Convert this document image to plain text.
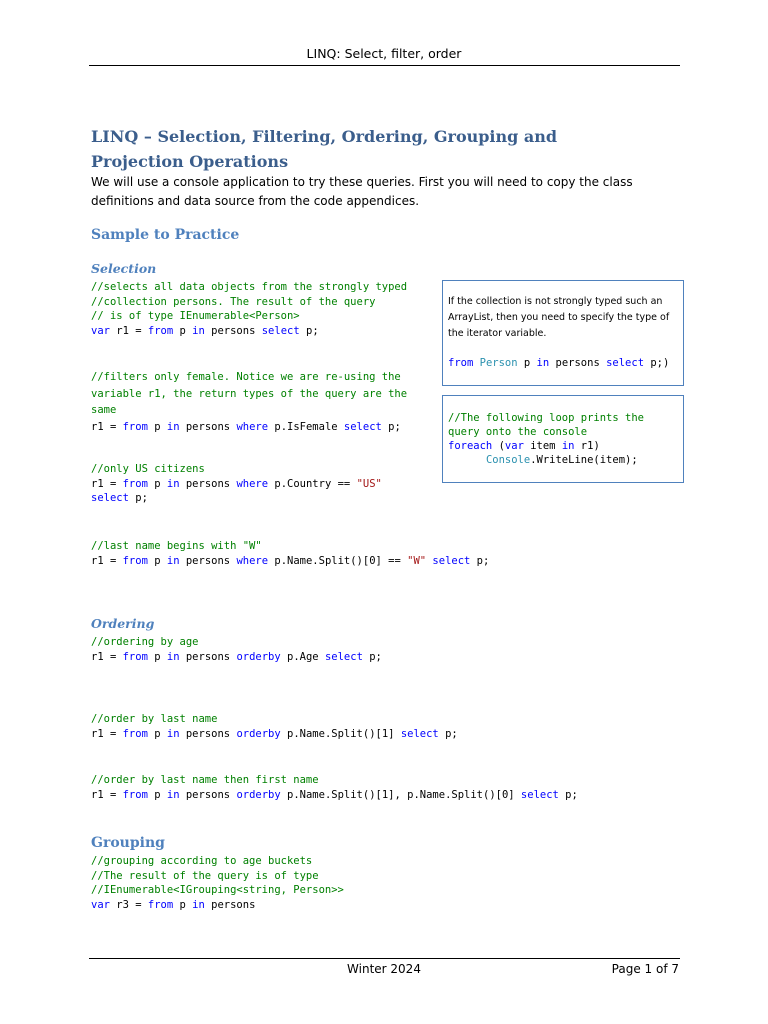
LINQ: Select, filter, order
LINQ – Selection, Filtering, Ordering, Grouping and Projection Operations
We will use a console application to try these queries. First you will need to copy the class definitions and data source from the code appendices.
Sample to Practice
Selection
//selects all data objects from the strongly typed
//collection persons. The result of the query
// is of type IEnumerable<Person>
var r1 = from p in persons select p;
//filters only female. Notice we are re-using the
variable r1, the return types of the query are the
same
r1 = from p in persons where p.IsFemale select p;
//only US citizens
r1 = from p in persons where p.Country == "US"
select p;
//last name begins with "W"
r1 = from p in persons where p.Name.Split()[0] == "W" select p;
If the collection is not strongly typed such an ArrayList, then you need to specify the type of the iterator variable.
from Person p in persons select p;)
//The following loop prints the
query onto the console
foreach (var item in r1)
Console.WriteLine(item);
Ordering
//ordering by age
r1 = from p in persons orderby p.Age select p;
//order by last name
r1 = from p in persons orderby p.Name.Split()[1] select p;
//order by last name then first name
r1 = from p in persons orderby p.Name.Split()[1], p.Name.Split()[0] select p;
Grouping
//grouping according to age buckets
//The result of the query is of type
//IEnumerable<IGrouping<string, Person>>
var r3 = from p in persons
Winter 2024	Page 1 of 7
